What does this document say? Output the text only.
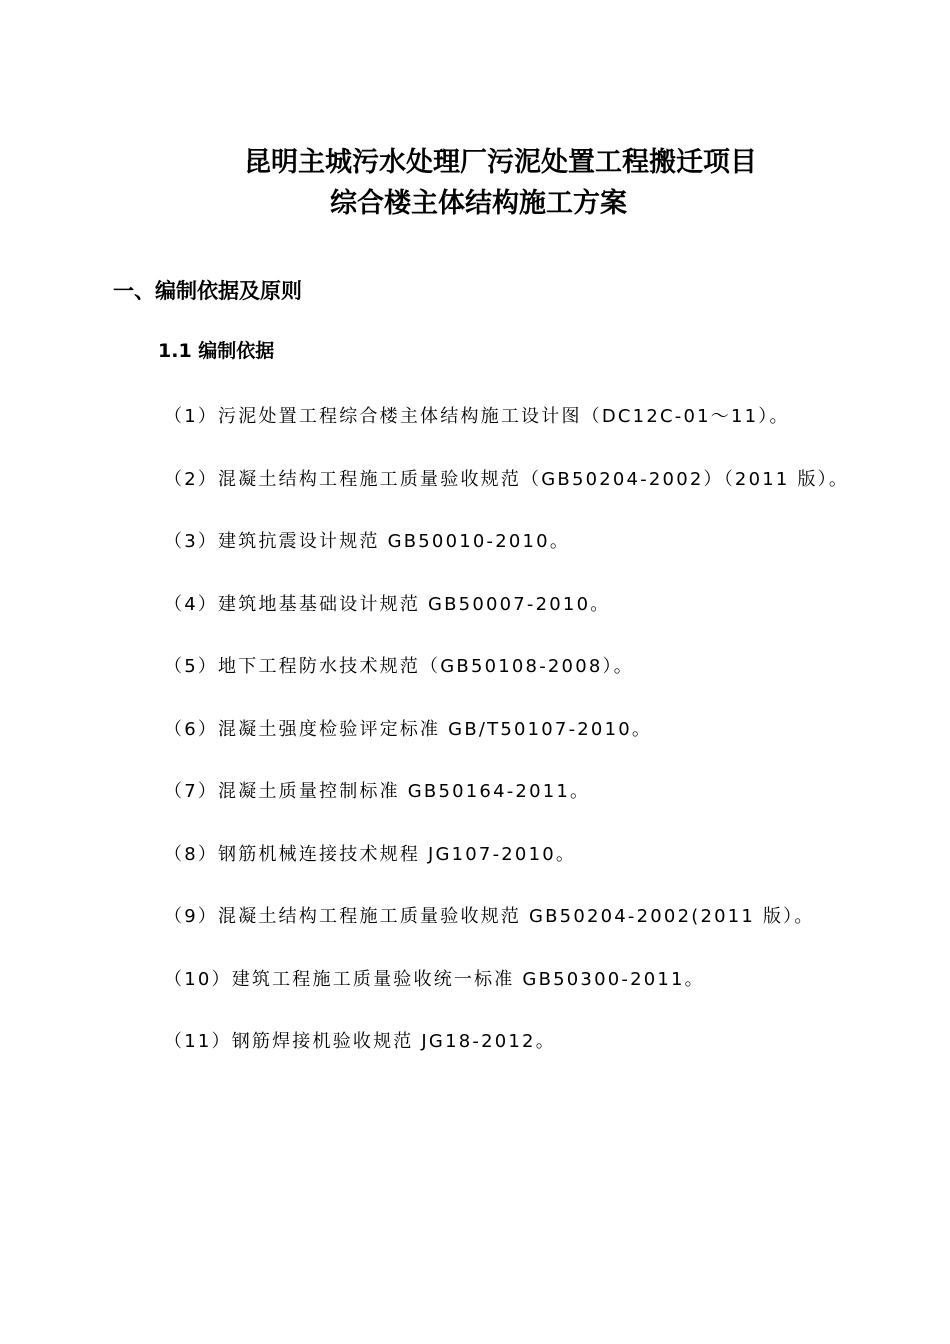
昆明主城污水处理厂污泥处置工程搬迁项目
综合楼主体结构施工方案
一、编制依据及原则
1.1 编制依据
（1）污泥处置工程综合楼主体结构施工设计图（DC12C-01～11）。
（2）混凝土结构工程施工质量验收规范（GB50204-2002）（2011 版）。
（3）建筑抗震设计规范 GB50010-2010。
（4）建筑地基基础设计规范 GB50007-2010。
（5）地下工程防水技术规范（GB50108-2008）。
（6）混凝土强度检验评定标准 GB/T50107-2010。
（7）混凝土质量控制标准 GB50164-2011。
（8）钢筋机械连接技术规程 JG107-2010。
（9）混凝土结构工程施工质量验收规范 GB50204-2002(2011 版）。
（10）建筑工程施工质量验收统一标准 GB50300-2011。
（11）钢筋焊接机验收规范 JG18-2012。
